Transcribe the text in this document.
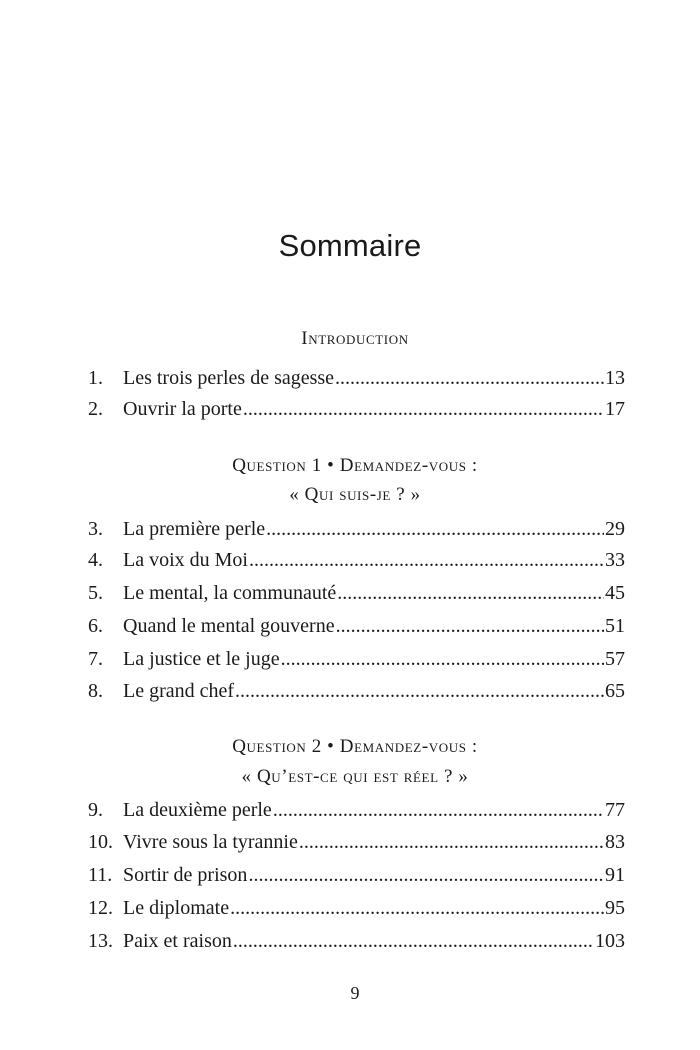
Sommaire
Introduction
1.	Les trois perles de sagesse .....	13
2.	Ouvrir la porte .....	17
Question 1 • Demandez-vous :
« Qui suis-je ? »
3.	La première perle .....	29
4.	La voix du Moi .....	33
5.	Le mental, la communauté .....	45
6.	Quand le mental gouverne .....	51
7.	La justice et le juge .....	57
8.	Le grand chef .....	65
Question 2 • Demandez-vous :
« Qu’est-ce qui est réel ? »
9.	La deuxième perle .....	77
10. Vivre sous la tyrannie .....	83
11. Sortir de prison .....	91
12. Le diplomate .....	95
13. Paix et raison .....	103
9
